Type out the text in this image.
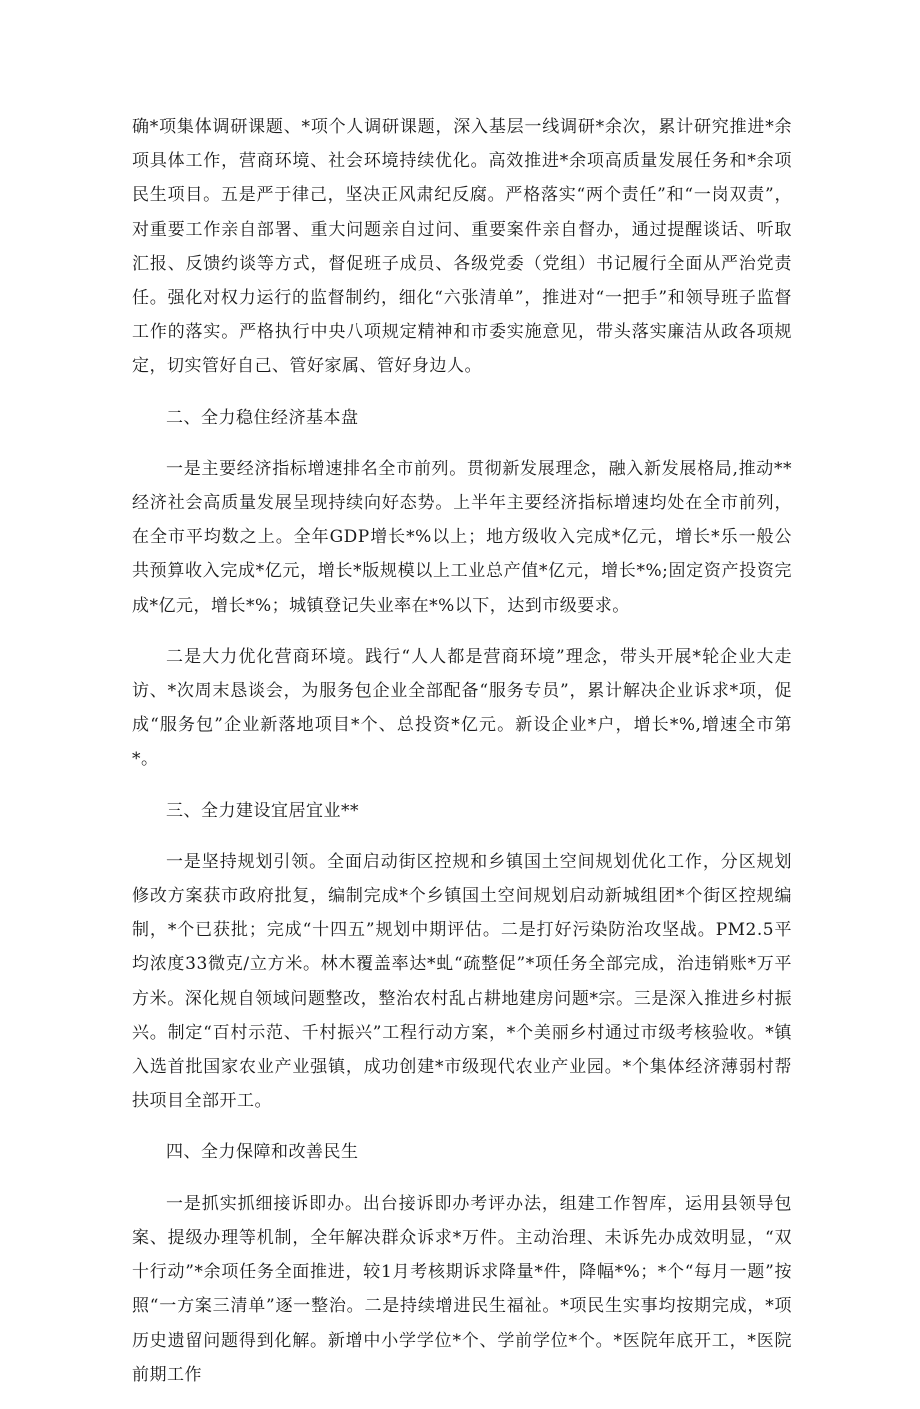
确*项集体调研课题、*项个人调研课题，深入基层一线调研*余次，累计研究推进*余项具体工作，营商环境、社会环境持续优化。高效推进*余项高质量发展任务和*余项民生项目。五是严于律己，坚决正风肃纪反腐。严格落实“两个责任”和“一岗双责”，对重要工作亲自部署、重大问题亲自过问、重要案件亲自督办，通过提醒谈话、听取汇报、反馈约谈等方式，督促班子成员、各级党委（党组）书记履行全面从严治党责任。强化对权力运行的监督制约，细化“六张清单”，推进对“一把手”和领导班子监督工作的落实。严格执行中央八项规定精神和市委实施意见，带头落实廉洁从政各项规定，切实管好自己、管好家属、管好身边人。

二、全力稳住经济基本盘

一是主要经济指标增速排名全市前列。贯彻新发展理念，融入新发展格局,推动**经济社会高质量发展呈现持续向好态势。上半年主要经济指标增速均处在全市前列，在全市平均数之上。全年GDP增长*%以上；地方级收入完成*亿元，增长*乐一般公共预算收入完成*亿元，增长*版规模以上工业总产值*亿元，增长*%;固定资产投资完成*亿元，增长*%；城镇登记失业率在*%以下，达到市级要求。

二是大力优化营商环境。践行“人人都是营商环境”理念，带头开展*轮企业大走访、*次周末恳谈会，为服务包企业全部配备“服务专员”，累计解决企业诉求*项，促成“服务包”企业新落地项目*个、总投资*亿元。新设企业*户，增长*%,增速全市第*。

三、全力建设宜居宜业**

一是坚持规划引领。全面启动街区控规和乡镇国土空间规划优化工作，分区规划修改方案获市政府批复，编制完成*个乡镇国土空间规划启动新城组团*个街区控规编制，*个已获批；完成“十四五”规划中期评估。二是打好污染防治攻坚战。PM2.5平均浓度33微克/立方米。林木覆盖率达*虬“疏整促”*项任务全部完成，治违销账*万平方米。深化规自领域问题整改，整治农村乱占耕地建房问题*宗。三是深入推进乡村振兴。制定“百村示范、千村振兴”工程行动方案，*个美丽乡村通过市级考核验收。*镇入选首批国家农业产业强镇，成功创建*市级现代农业产业园。*个集体经济薄弱村帮扶项目全部开工。

四、全力保障和改善民生

一是抓实抓细接诉即办。出台接诉即办考评办法，组建工作智库，运用县领导包案、提级办理等机制，全年解决群众诉求*万件。主动治理、未诉先办成效明显，“双十行动”*余项任务全面推进，较1月考核期诉求降量*件，降幅*%；*个“每月一题”按照“一方案三清单”逐一整治。二是持续增进民生福祉。*项民生实事均按期完成，*项历史遗留问题得到化解。新增中小学学位*个、学前学位*个。*医院年底开工，*医院前期工作
